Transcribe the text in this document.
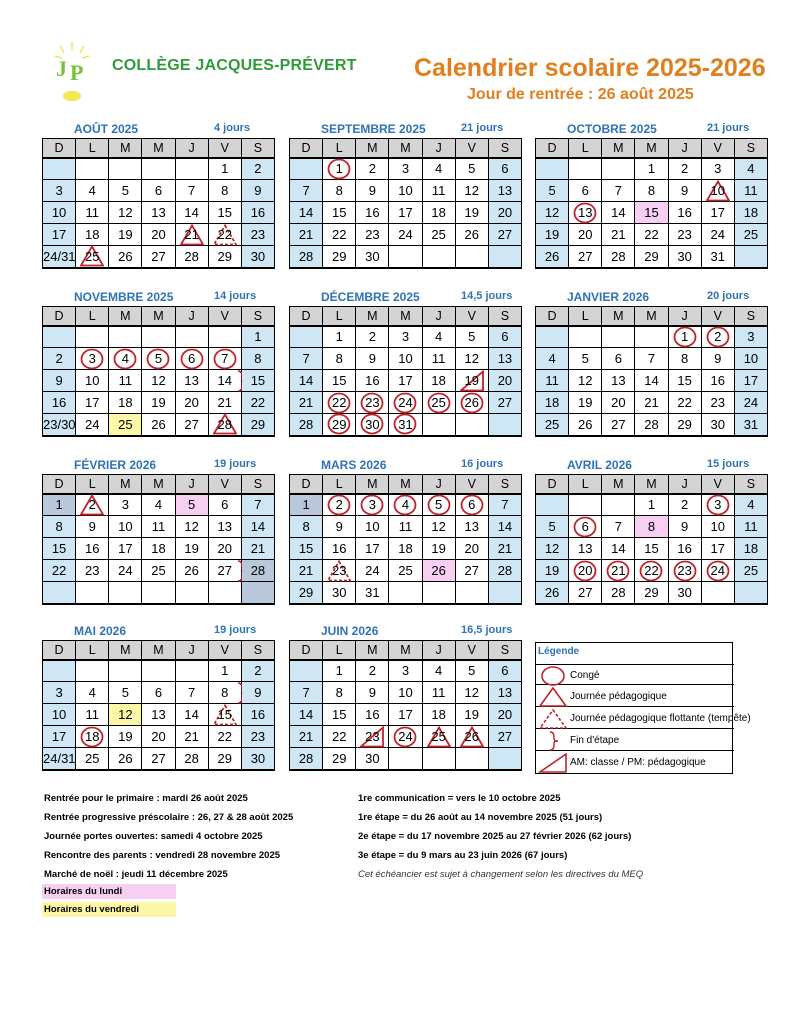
J P COLLÈGE JACQUES-PRÉVERT Calendrier scolaire 2025-2026
Jour de rentrée : 26 août 2025
AOÛT 2025	4 jours
D	L	M	M	J	V	S
					1	2
3	4	5	6	7	8	9
10	11	12	13	14	15	16
17	18	19	20	21	22	23
24/31	25	26	27	28	29	30
SEPTEMBRE 2025	21 jours
D	L	M	M	J	V	S
	1	2	3	4	5	6
7	8	9	10	11	12	13
14	15	16	17	18	19	20
21	22	23	24	25	26	27
28	29	30				
OCTOBRE 2025	21 jours
D	L	M	M	J	V	S
			1	2	3	4
5	6	7	8	9	10	11
12	13	14	15	16	17	18
19	20	21	22	23	24	25
26	27	28	29	30	31	
NOVEMBRE 2025	14 jours
D	L	M	M	J	V	S
						1
2	3	4	5	6	7	8
9	10	11	12	13	14	15
16	17	18	19	20	21	22
23/30	24	25	26	27	28	29
DÉCEMBRE 2025	14,5 jours
D	L	M	M	J	V	S
	1	2	3	4	5	6
7	8	9	10	11	12	13
14	15	16	17	18	19	20
21	22	23	24	25	26	27
28	29	30	31

JANVIER 2026	20 jours
D	L	M	M	J	V	S
				1	2	3
4	5	6	7	8	9	10
11	12	13	14	15	16	17
18	19	20	21	22	23	24
25	26	27	28	29	30	31
FÉVRIER 2026	19 jours
D	L	M	M	J	V	S
1	2	3	4	5	6	7
8	9	10	11	12	13	14
15	16	17	18	19	20	21
22	23	24	25	26	27	28

MARS 2026	16 jours
D	L	M	M	J	V	S
1	2	3	4	5	6	7
8	9	10	11	12	13	14
15	16	17	18	19	20	21
21	23	24	25	26	27	28
29	30	31				
AVRIL 2026	15 jours
D	L	M	M	J	V	S
			1	2	3	4
5	6	7	8	9	10	11
12	13	14	15	16	17	18
19	20	21	22	23	24	25
26	27	28	29	30		
MAI 2026	19 jours
D	L	M	M	J	V	S
					1	2
3	4	5	6	7	8	9
10	11	12	13	14	15	16
17	18	19	20	21	22	23
24/31	25	26	27	28	29	30
JUIN 2026	16,5 jours
D	L	M	M	J	V	S
	1	2	3	4	5	6
7	8	9	10	11	12	13
14	15	16	17	18	19	20
21	22	23	24	25	26	27
28	29	30				
Légende
Congé
Journée pédagogique
Journée pédagogique flottante (tempête)
Fin d'étape
AM: classe / PM: pédagogique
Rentrée pour le primaire : mardi 26 août 2025
Rentrée progressive préscolaire : 26, 27 & 28 août 2025
Journée portes ouvertes: samedi 4 octobre 2025
Rencontre des parents : vendredi 28 novembre 2025
Marché de noël : jeudi 11 décembre 2025
Horaires du lundi
Horaires du vendredi
1re communication = vers le 10 octobre 2025
1re étape = du 26 août au 14 novembre 2025 (51 jours)
2e étape = du 17 novembre 2025 au 27 février 2026 (62 jours)
3e étape = du 9 mars au 23 juin 2026 (67 jours)
Cet échéancier est sujet à changement selon les directives du MEQ
